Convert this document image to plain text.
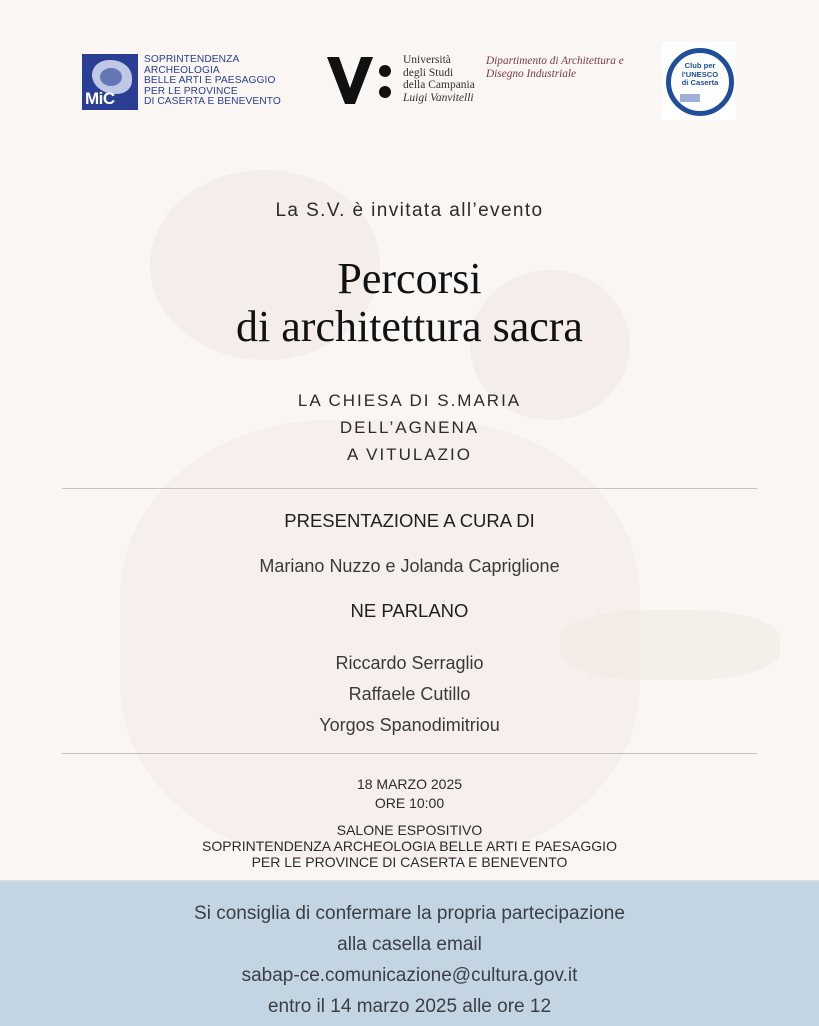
MiC
SOPRINTENDENZA
ARCHEOLOGIA
BELLE ARTI E PAESAGGIO
PER LE PROVINCE
DI CASERTA E BENEVENTO
Università
degli Studi
della Campania
Luigi Vanvitelli
Dipartimento di Architettura e
Disegno Industriale
Club per
l'UNESCO
di Caserta
La S.V. è invitata all’evento
Percorsi
di architettura sacra
LA CHIESA DI S.MARIA
DELL’AGNENA
A VITULAZIO
PRESENTAZIONE A CURA DI
Mariano Nuzzo e Jolanda Capriglione
NE PARLANO
Riccardo Serraglio
Raffaele Cutillo
Yorgos Spanodimitriou
18 MARZO 2025
ORE 10:00
SALONE ESPOSITIVO
SOPRINTENDENZA ARCHEOLOGIA BELLE ARTI E PAESAGGIO
PER LE PROVINCE DI CASERTA E BENEVENTO
Si consiglia di confermare la propria partecipazione
alla casella email
sabap-ce.comunicazione@cultura.gov.it
entro il 14 marzo 2025 alle ore 12
